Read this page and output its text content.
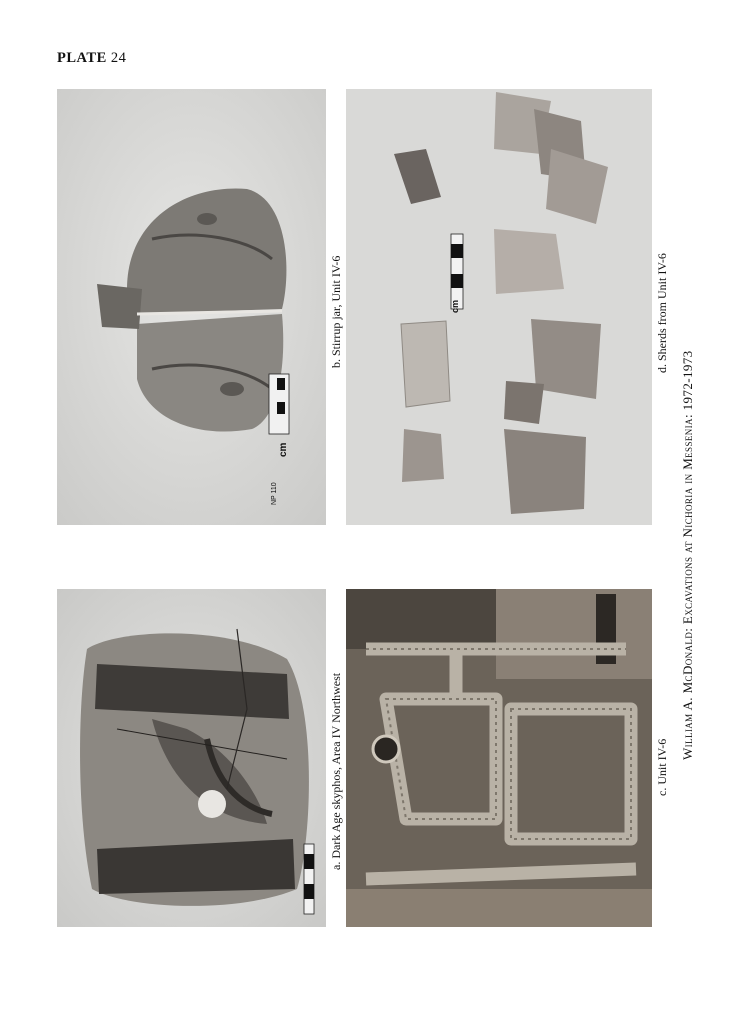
PLATE 24
NP 110
cm
cm
a. Dark Age skyphos, Area IV Northwest
b. Stirrup jar, Unit IV-6
c. Unit IV-6
d. Sherds from Unit IV-6
William A. McDonald: Excavations at Nichoria in Messenia: 1972-1973
